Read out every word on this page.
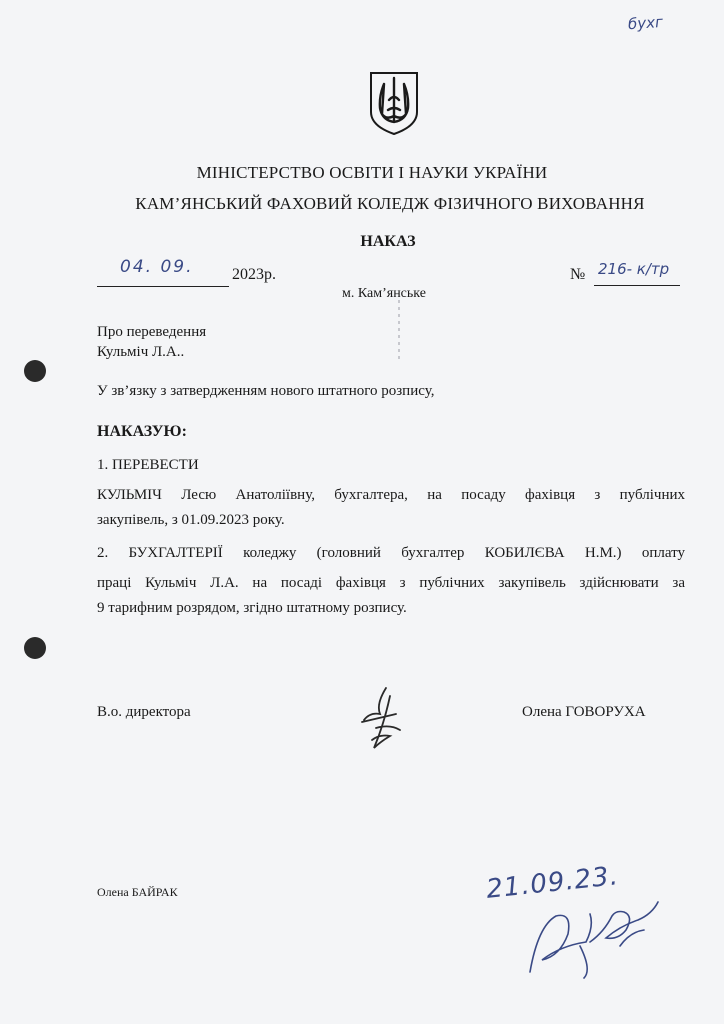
бухг
МІНІСТЕРСТВО ОСВІТИ І НАУКИ УКРАЇНИ
КАМ’ЯНСЬКИЙ ФАХОВИЙ КОЛЕДЖ ФІЗИЧНОГО ВИХОВАННЯ
НАКАЗ
04. 09. 2023р.	№ 216- к/тр
м. Кам’янське
Про переведення
Кульміч Л.А..
У зв’язку з затвердженням нового штатного розпису,
НАКАЗУЮ:
1. ПЕРЕВЕСТИ
КУЛЬМІЧ Лесю Анатоліївну, бухгалтера, на посаду фахівця з публічних
закупівель, з 01.09.2023 року.
2. БУХГАЛТЕРІЇ коледжу (головний бухгалтер КОБИЛЄВА Н.М.) оплату
праці Кульміч Л.А. на посаді фахівця з публічних закупівель здійснювати за
9 тарифним розрядом, згідно штатному розпису.
В.о. директора	Олена ГОВОРУХА
Олена БАЙРАК	21.09.23.
